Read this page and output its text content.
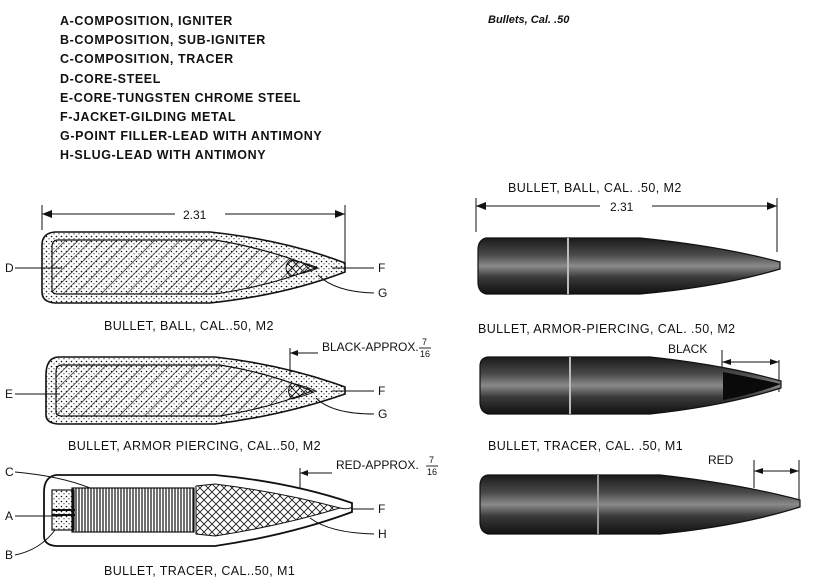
Bullets, Cal. .50
A-COMPOSITION, IGNITER
B-COMPOSITION, SUB-IGNITER
C-COMPOSITION, TRACER
D-CORE-STEEL
E-CORE-TUNGSTEN CHROME STEEL
F-JACKET-GILDING METAL
G-POINT FILLER-LEAD WITH ANTIMONY
H-SLUG-LEAD WITH ANTIMONY
2.31
D	F
G
BULLET, BALL, CAL..50, M2
BLACK-APPROX. 7
16
E	F
G
BULLET, ARMOR PIERCING, CAL..50, M2
RED-APPROX. 7
16
C
A
B
F
H
BULLET, TRACER, CAL..50, M1
BULLET, BALL, CAL. .50, M2
2.31
BULLET, ARMOR-PIERCING, CAL. .50, M2
BLACK
BULLET, TRACER, CAL. .50, M1
RED
